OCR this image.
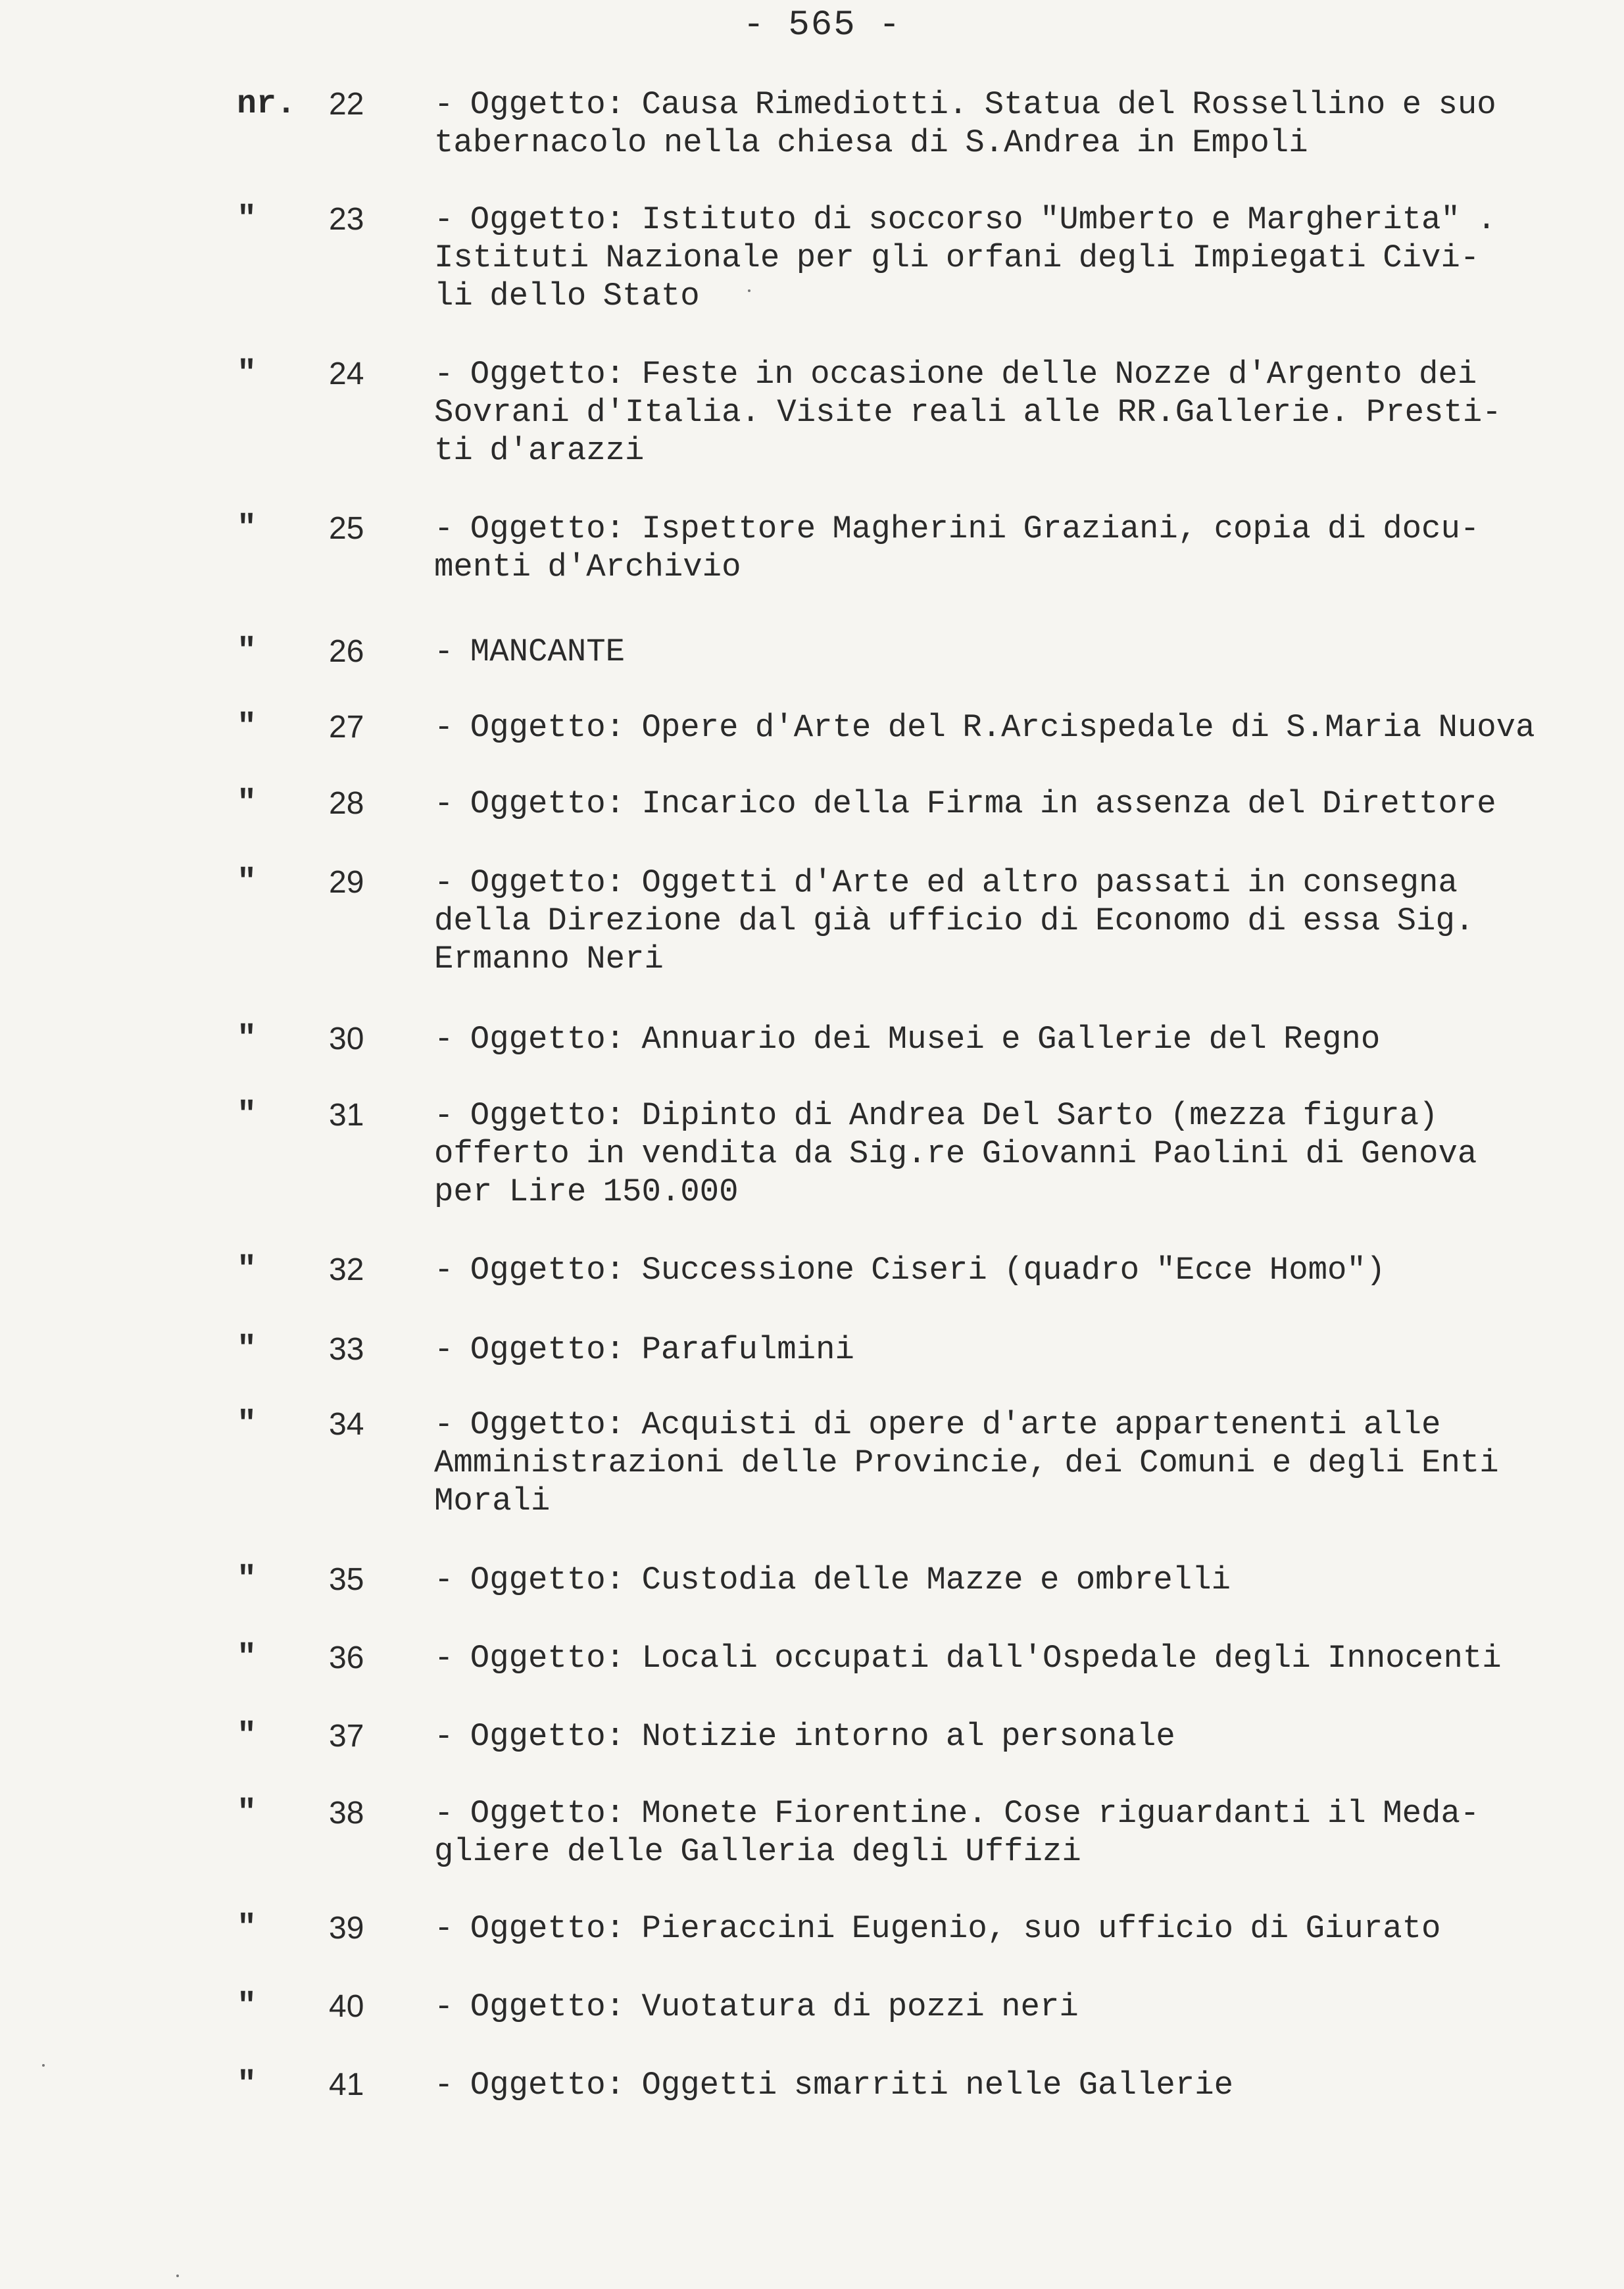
- 565 -
nr. 22	- Oggetto: Causa Rimediotti. Statua del Rossellino e suo
tabernacolo nella chiesa di S.Andrea in Empoli
" 23	- Oggetto: Istituto di soccorso "Umberto e Margherita" .
Istituti Nazionale per gli orfani degli Impiegati Civi-
li dello Stato
" 24	- Oggetto: Feste in occasione delle Nozze d'Argento dei
Sovrani d'Italia. Visite reali alle RR.Gallerie. Presti-
ti d'arazzi
" 25	- Oggetto: Ispettore Magherini Graziani, copia di docu-
menti d'Archivio
" 26	- MANCANTE
" 27	- Oggetto: Opere d'Arte del R.Arcispedale di S.Maria Nuova
" 28	- Oggetto: Incarico della Firma in assenza del Direttore
" 29	- Oggetto: Oggetti d'Arte ed altro passati in consegna
della Direzione dal già ufficio di Economo di essa Sig.
Ermanno Neri
" 30	- Oggetto: Annuario dei Musei e Gallerie del Regno
" 31	- Oggetto: Dipinto di Andrea Del Sarto (mezza figura)
offerto in vendita da Sig.re Giovanni Paolini di Genova
per Lire 150.000
" 32	- Oggetto: Successione Ciseri (quadro "Ecce Homo")
" 33	- Oggetto: Parafulmini
" 34	- Oggetto: Acquisti di opere d'arte appartenenti alle
Amministrazioni delle Provincie, dei Comuni e degli Enti
Morali
" 35	- Oggetto: Custodia delle Mazze e ombrelli
" 36	- Oggetto: Locali occupati dall'Ospedale degli Innocenti
" 37	- Oggetto: Notizie intorno al personale
" 38	- Oggetto: Monete Fiorentine. Cose riguardanti il Meda-
gliere delle Galleria degli Uffizi
" 39	- Oggetto: Pieraccini Eugenio, suo ufficio di Giurato
" 40	- Oggetto: Vuotatura di pozzi neri
" 41	- Oggetto: Oggetti smarriti nelle Gallerie
